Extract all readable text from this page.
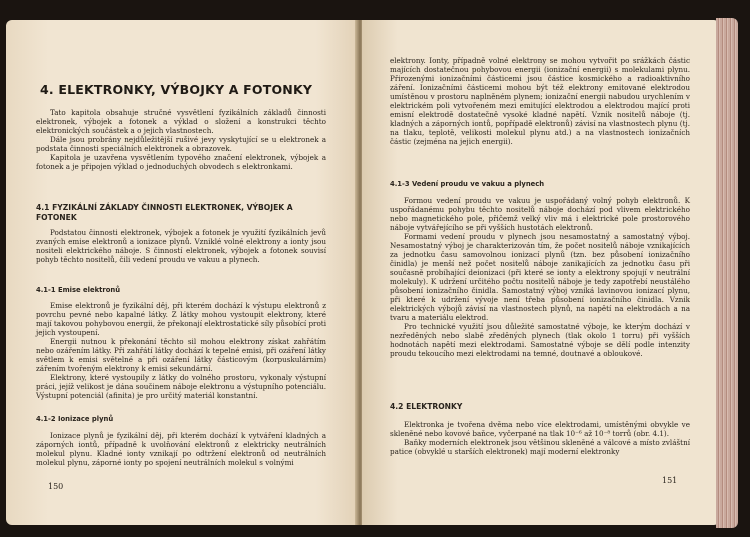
4. ELEKTRONKY, VÝBOJKY A FOTONKY

Tato kapitola obsahuje stručné vysvětlení fyzikálních základů činnosti elektronek, výbojek a fotonek a výklad o složení a konstrukci těchto elektronických součástek a o jejich vlastnostech.

Dále jsou probrány nejdůležitější rušivé jevy vyskytující se u elektronek a podstata činnosti speciálních elektronek a obrazovek.

Kapitola je uzavřena vysvětlením typového značení elektronek, výbojek a fotonek a je připojen výklad o jednoduchých obvodech s elektronkami.

4.1 FYZIKÁLNÍ ZÁKLADY ČINNOSTI ELEKTRONEK, VÝBOJEK A FOTONEK

Podstatou činnosti elektronek, výbojek a fotonek je využití fyzikálních jevů zvaných emise elektronů a ionizace plynů. Vzniklé volné elektrony a ionty jsou nositeli elektrického náboje. S činností elektronek, výbojek a fotonek souvisí pohyb těchto nositelů, čili vedení proudu ve vakuu a plynech.

4.1-1 Emise elektronů

Emise elektronů je fyzikální děj, při kterém dochází k výstupu elektronů z povrchu pevné nebo kapalné látky. Z látky mohou vystoupit elektrony, které mají takovou pohybovou energii, že překonají elektrostatické síly působící proti jejich vystoupení.

Energii nutnou k překonání těchto sil mohou elektrony získat zahřátím nebo ozářením látky. Při zahřátí látky dochází k tepelné emisi, při ozáření látky světlem k emisi světelné a při ozáření látky částicovým (korpuskulárním) zářením tvořeným elektrony k emisi sekundární.

Elektrony, které vystoupily z látky do volného prostoru, vykonaly výstupní práci, jejíž velikost je dána součinem náboje elektronu a výstupního potenciálu. Výstupní potenciál (afinita) je pro určitý materiál konstantní.

4.1-2 Ionizace plynů

Ionizace plynů je fyzikální děj, při kterém dochází k vytváření kladných a záporných iontů, případně k uvolňování elektronů z elektricky neutrálních molekul plynu. Kladné ionty vznikají po odtržení elektronů od neutrálních molekul plynu, záporné ionty po spojení neutrálních molekul s volnými

150

elektrony. Ionty, případně volné elektrony se mohou vytvořit po srážkách částic majících dostatečnou pohybovou energii (ionizační energii) s molekulami plynu. Přirozenými ionizačními částicemi jsou částice kosmického a radioaktivního záření. Ionizačními částicemi mohou být též elektrony emitované elektrodou umístěnou v prostoru naplněném plynem; ionizační energii nabudou urychlením v elektrickém poli vytvořeném mezi emitující elektrodou a elektrodou mající proti emisní elektrodě dostatečně vysoké kladné napětí. Vznik nositelů náboje (tj. kladných a záporných iontů, popřípadě elektronů) závisí na vlastnostech plynu (tj. na tlaku, teplotě, velikosti molekul plynu atd.) a na vlastnostech ionizačních částic (zejména na jejich energii).

4.1-3 Vedení proudu ve vakuu a plynech

Formou vedení proudu ve vakuu je uspořádaný volný pohyb elektronů. K uspořádanému pohybu těchto nositelů náboje dochází pod vlivem elektrického nebo magnetického pole, přičemž velký vliv má i elektrické pole prostorového náboje vytvářejícího se při vyšších hustotách elektronů.

Formami vedení proudu v plynech jsou nesamostatný a samostatný výboj. Nesamostatný výboj je charakterizován tím, že počet nositelů náboje vznikajících za jednotku času samovolnou ionizací plynů (tzn. bez působení ionizačního činidla) je menší než počet nositelů náboje zanikajících za jednotku času při současně probíhající deionizaci (při které se ionty a elektrony spojují v neutrální molekuly). K udržení určitého počtu nositelů náboje je tedy zapotřebí neustálého působení ionizačního činidla. Samostatný výboj vzniká lavinovou ionizací plynu, při které k udržení vývoje není třeba působení ionizačního činidla. Vznik elektrických výbojů závisí na vlastnostech plynů, na napětí na elektrodách a na tvaru a materiálu elektrod.

Pro technické využití jsou důležité samostatné výboje, ke kterým dochází v nezředěných nebo slabě zředěných plynech (tlak okolo 1 torru) při vyšších hodnotách napětí mezi elektrodami. Samostatné výboje se dělí podle intenzity proudu tekoucího mezi elektrodami na temné, doutnavé a obloukové.

4.2 ELEKTRONKY

Elektronka je tvořena dvěma nebo více elektrodami, umístěnými obvykle ve skleněné nebo kovové baňce, vyčerpané na tlak 10⁻⁶ až 10⁻⁸ torrů (obr. 4.1).

Baňky moderních elektronek jsou většinou skleněné a válcové a místo zvláštní patice (obvyklé u starších elektronek) mají moderní elektronky

151
